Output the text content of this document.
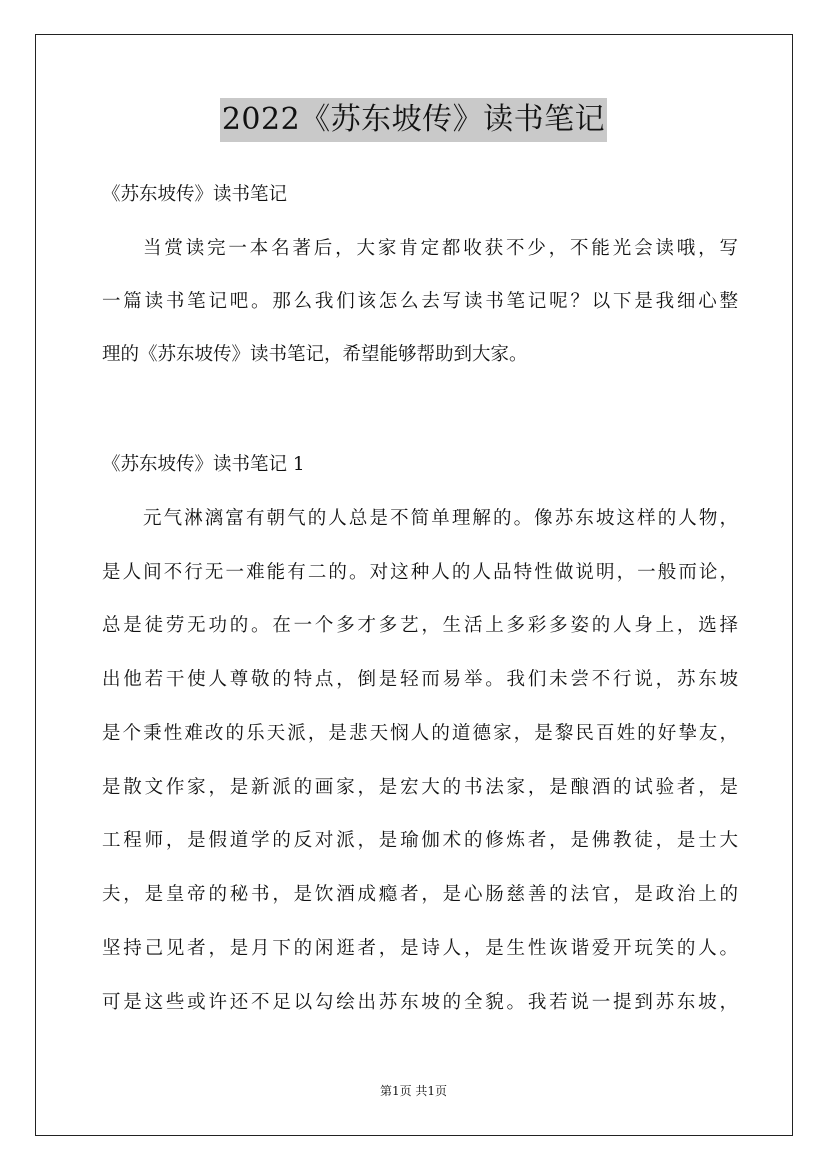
2022《苏东坡传》读书笔记
《苏东坡传》读书笔记
当赏读完一本名著后，大家肯定都收获不少，不能光会读哦，写
一篇读书笔记吧。那么我们该怎么去写读书笔记呢？以下是我细心整
理的《苏东坡传》读书笔记，希望能够帮助到大家。
《苏东坡传》读书笔记 1
元气淋漓富有朝气的人总是不简单理解的。像苏东坡这样的人物，
是人间不行无一难能有二的。对这种人的人品特性做说明，一般而论，
总是徒劳无功的。在一个多才多艺，生活上多彩多姿的人身上，选择
出他若干使人尊敬的特点，倒是轻而易举。我们未尝不行说，苏东坡
是个秉性难改的乐天派，是悲天悯人的道德家，是黎民百姓的好挚友，
是散文作家，是新派的画家，是宏大的书法家，是酿酒的试验者，是
工程师，是假道学的反对派，是瑜伽术的修炼者，是佛教徒，是士大
夫，是皇帝的秘书，是饮酒成瘾者，是心肠慈善的法官，是政治上的
坚持己见者，是月下的闲逛者，是诗人，是生性诙谐爱开玩笑的人。
可是这些或许还不足以勾绘出苏东坡的全貌。我若说一提到苏东坡，
第1页 共1页
